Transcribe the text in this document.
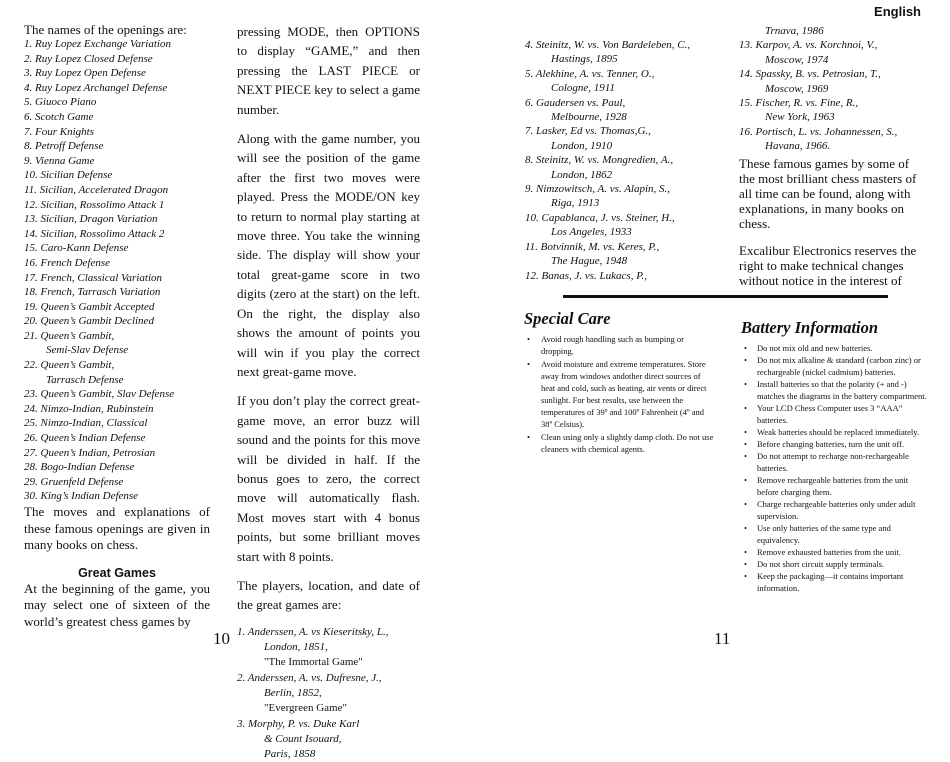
English

The names of the openings are:

1. Ruy Lopez Exchange Variation
2. Ruy Lopez Closed Defense
3. Ruy Lopez Open Defense
4. Ruy Lopez Archangel Defense
5. Giuoco Piano
6. Scotch Game
7. Four Knights
8. Petroff Defense
9. Vienna Game
10. Sicilian Defense
11. Sicilian, Accelerated Dragon
12. Sicilian, Rossolimo Attack 1
13. Sicilian, Dragon Variation
14. Sicilian, Rossolimo Attack 2
15. Caro-Kann Defense
16. French Defense
17. French, Classical Variation
18. French, Tarrasch Variation
19. Queen’s Gambit Accepted
20. Queen’s Gambit Declined
21. Queen’s Gambit,
Semi-Slav Defense
22. Queen’s Gambit,
Tarrasch Defense
23. Queen’s Gambit, Slav Defense
24. Nimzo-Indian, Rubinstein
25. Nimzo-Indian, Classical
26. Queen’s Indian Defense
27. Queen’s Indian, Petrosian
28. Bogo-Indian Defense
29. Gruenfeld Defense
30. King’s Indian Defense

The moves and explanations of these famous openings are given in many books on chess.

Great Games

At the beginning of the game, you may select one of sixteen of the world’s greatest chess games by

pressing MODE, then OPTIONS to display “GAME,” and then pressing the LAST PIECE or NEXT PIECE key to select a game number.

Along with the game number, you will see the position of the game after the first two moves were played. Press the MODE/ON key to return to normal play starting at move three. You take the winning side. The display will show your total great-game score in two digits (zero at the start) on the left. On the right, the display also shows the amount of points you will win if you play the correct next great-game move.

If you don’t play the correct great-game move, an error buzz will sound and the points for this move will be divided in half. If the bonus goes to zero, the correct move will automatically flash. Most moves start with 4 bonus points, but some brilliant moves start with 8 points.

The players, location, and date of the great games are:

1. Anderssen, A. vs Kieseritsky, L.,
London, 1851,
"The Immortal Game"
2. Anderssen, A. vs. Dufresne, J.,
Berlin, 1852,
"Evergreen Game"
3. Morphy, P. vs. Duke Karl
& Count Isouard,
Paris, 1858
10
4. Steinitz, W. vs. Von Bardeleben, C.,
Hastings, 1895
5. Alekhine, A. vs. Tenner, O.,
Cologne, 1911
6. Gaudersen vs. Paul,
Melbourne, 1928
7. Lasker, Ed vs. Thomas,G.,
London, 1910
8. Steinitz, W. vs. Mongredien, A.,
London, 1862
9. Nimzowitsch, A. vs. Alapin, S.,
Riga, 1913
10. Capablanca, J. vs. Steiner, H.,
Los Angeles, 1933
11. Botvinnik, M. vs. Keres, P.,
The Hague, 1948
12. Banas, J. vs. Lukacs, P.,
Trnava, 1986
13. Karpov, A. vs. Korchnoi, V.,
Moscow, 1974
14. Spassky, B. vs. Petrosian, T.,
Moscow, 1969
15. Fischer, R. vs. Fine, R.,
New York, 1963
16. Portisch, L. vs. Johannessen, S.,
Havana, 1966.

These famous games by some of the most brilliant chess masters of all time can be found, along with explanations, in many books on chess.

Excalibur Electronics reserves the right to make technical changes without notice in the interest of

Special Care
• Avoid rough handling such as bumping or dropping.
• Avoid moisture and extreme temperatures. Store away from windows andother direct sources of heat and cold, such as heating, air vents or direct sunlight. For best results, use between the temperatures of 39º and 100º Fahrenheit (4º and 38º Celsius).
• Clean using only a slightly damp cloth. Do not use cleaners with chemical agents.
Battery Information
• Do not mix old and new batteries.
• Do not mix alkaline & standard (carbon zinc) or rechargeable (nickel cadmium) batteries.
• Install batteries so that the polarity (+ and -) matches the diagrams in the battery compartment.
• Your LCD Chess Computer uses 3 “AAA” batteries.
• Weak batteries should be replaced immediately.
• Before changing batteries, turn the unit off.
• Do not attempt to recharge non-rechargeable batteries.
• Remove rechargeable batteries from the unit before charging them.
• Charge rechargeable batteries only under adult supervision.
• Use only batteries of the same type and equivalency.
• Remove exhausted batteries from the unit.
• Do not short circuit supply terminals.
• Keep the packaging—it contains important information.
11
